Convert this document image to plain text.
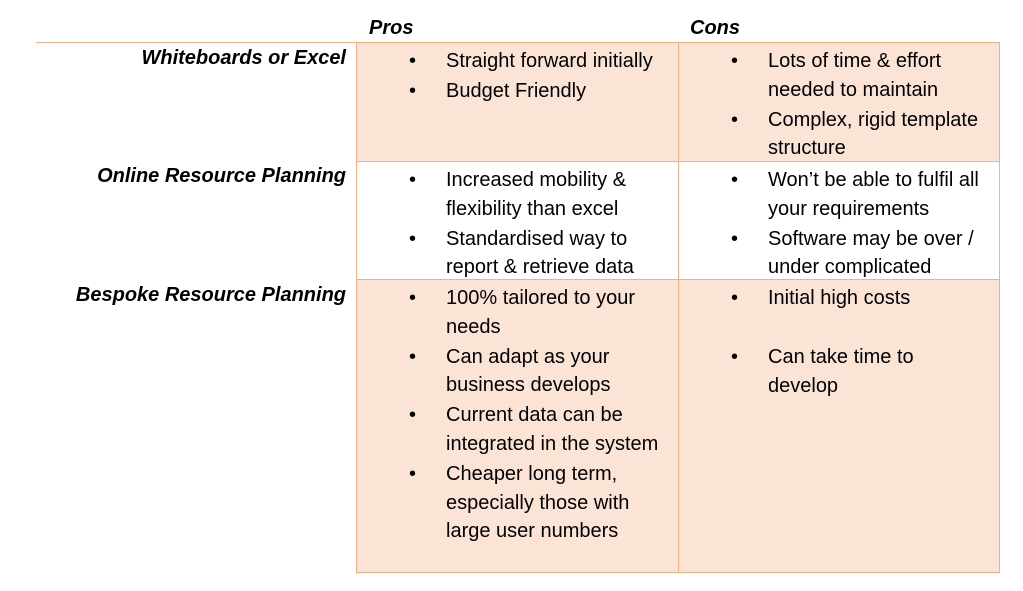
Pros	Cons
Whiteboards or Excel
Online Resource Planning
Bespoke Resource Planning
• Straight forward initially
• Budget Friendly
• Lots of time & effort needed to maintain
• Complex, rigid template structure
• Increased mobility & flexibility than excel
• Standardised way to report & retrieve data
• Won’t be able to fulfil all your requirements
• Software may be over / under complicated
• 100% tailored to your needs
• Can adapt as your business develops
• Current data can be integrated in the system
• Cheaper long term, especially those with large user numbers
• Initial high costs
• Can take time to develop
